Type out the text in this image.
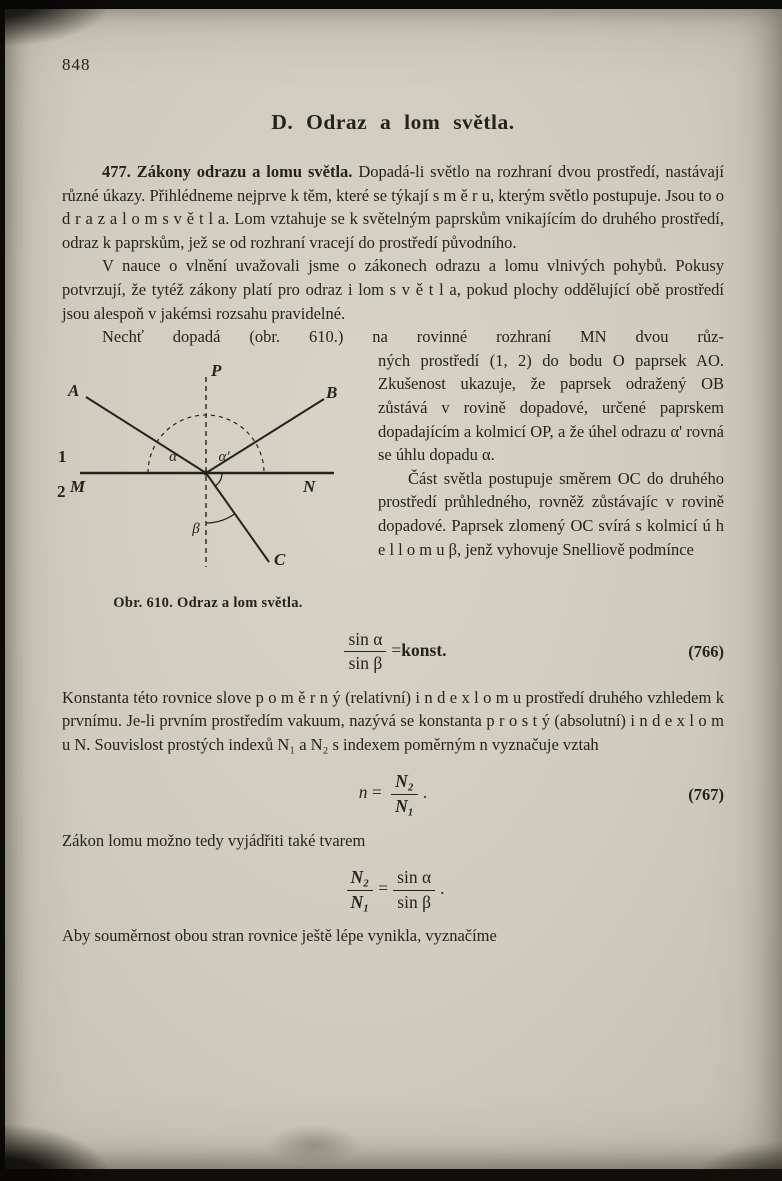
848
D. Odraz a lom světla.

477. Zákony odrazu a lomu světla. Dopadá-li světlo na rozhraní dvou prostředí, nastávají různé úkazy. Přihlédneme nejprve k těm, které se týkají s m ě r u, kterým světlo postupuje. Jsou to o d r a z a l o m s v ě t l a. Lom vztahuje se k světelným paprskům vnikajícím do druhého prostředí, odraz k paprskům, jež se od rozhraní vracejí do prostředí původního.

V nauce o vlnění uvažovali jsme o zákonech odrazu a lomu vlnivých pohybů. Pokusy potvrzují, že tytéž zákony platí pro odraz i lom s v ě t l a, pokud plochy oddělující obě prostředí jsou alespoň v jakémsi rozsahu pravidelné.

Nechť dopadá (obr. 610.) na rovinné rozhraní MN dvou růz-

P
A	B
M	N
C
1
2
α	α'
β
Obr. 610. Odraz a lom světla.

ných prostředí (1, 2) do bodu O paprsek AO. Zkušenost ukazuje, že paprsek odražený OB zůstává v rovině dopadové, určené paprskem dopadajícím a kolmicí OP, a že úhel odrazu α' rovná se úhlu dopadu α.

Část světla postupuje směrem OC do druhého prostředí průhledného, rovněž zůstávajíc v rovině dopadové. Paprsek zlomený OC svírá s kolmicí ú h e l l o m u β, jenž vyhovuje Snelliově podmínce

$\frac{\text{sin α}}{\text{sin β}}$ =konst.	(766)

Konstanta této rovnice slove p o m ě r n ý (relativní) i n d e x l o m u prostředí druhého vzhledem k prvnímu. Je-li prvním prostředím vakuum, nazývá se konstanta p r o s t ý (absolutní) i n d e x l o m u N. Souvislost prostých indexů N₁ a N₂ s indexem poměrným n vyznačuje vztah

$n = \frac{\text{N₂}}{\text{N₁}}$ .	(767)

Zákon lomu možno tedy vyjádřiti také tvarem

$\frac{\text{N₂}}{\text{N₁}} = \frac{\text{sin α}}{\text{sin β}}$ .

Aby souměrnost obou stran rovnice ještě lépe vynikla, vyznačíme
